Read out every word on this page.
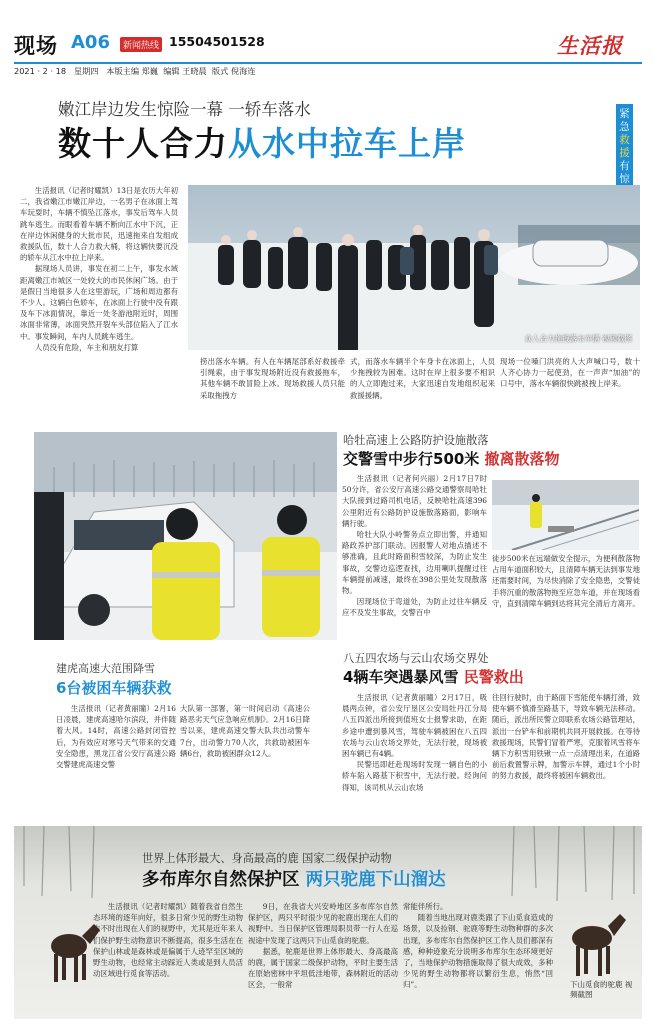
现场 A06	新闻热线 15504501528	生活报
2021 · 2 · 18   星期四   本版主编 郑巍  编辑 王晓晨  版式 倪海连
嫩江岸边发生惊险一幕 一轿车落水
数十人合力从水中拉车上岸
紧急
救援
有惊
生活报讯（记者时耀凯）13日是农历大年初二，我省嫩江市嫩江岸边，一名男子在冰面上驾车玩耍时，车辆不慎坠江落水，事发后驾车人员跳车逃生。而眼看着车辆不断向江水中下沉，正在岸边休闲健身的大批市民，迅速拖来自发组成救援队伍，数十人合力救大桶，将这辆快要沉没的轿车从江水中拉上岸来。
据现场人员讲，事发在初二上午，事发水域距离嫩江市城区一处较大的市民休闲广场。由于是假日当地很多人在这里游玩，广场和周边都有不少人。这辆白色轿车，在冰面上行驶中没有跟及车下冰面情况，靠近一处冬游池附近时，周围冰面非常薄，冰面突然开裂车头部位陷入了江水中。事发瞬间，车内人员跳车逃生。
人员没有危险，车主和朋友打算
众人合力拖拽落水车辆 视频截图
捞出落水车辆。有人在车辆尾部系好救援牵引绳索，由于事发现场附近没有救援拖车，其他车辆不敢冒险上冰。现场救援人员只能采取拖拽方
式，而落水车辆半个车身卡在冰面上，人员少拖拽较为困难。这时在岸上很多要不相识的人立即跑过来，大家迅速自发地组织起来救援援辆。
现场一位嗓门洪亮的人大声喊口号，数十人齐心协力一起使劲，在一声声“加油”的口号中，落水车辆很快跳被拽上岸来。
哈牡高速上公路防护设施散落
交警雪中步行500米 撤离散落物
生活报讯（记者何兴丽）2月17日7时50分许，省公安厅高速公路交通警察局哈牡大队接到过路司机电话，反映哈牡高速396公里附近有公路防护设施散落路面，影响车辆行驶。
哈牡大队小岭警务点立即出警，并通知路政养护部门联动。因报警人对地点描述不够准确，且此时路面积雪较深，为防止发生事故，交警边巡逻查找，边用喇叭提醒过往车辆提前减速，最终在398公里处发现散落物。
因现场位于弯道处，为防止过往车辆反应不及发生事故，交警百中
徒步500米在远端做安全提示，为便利散落物占用车道面积较大，且清障车辆无法到事发地还需要时间，为尽快消除了安全隐患，交警徒手将沉重的散落物拖至应急车道，并在现场看守，直到清障车辆到达将其完全清后方离开。
建虎高速大范围降雪
6台被困车辆获救
生活报讯（记者黄丽瞳）2月16日凌晨，建虎高速哈尔滨段，并伴随着大风。14时，高速公路封闭管控后，为有效应对寒号天气带来的交通安全隐患，黑龙江省公安厅高速公路交警建虎高速交警
大队第一部署，第一时间启动《高速公路恶劣天气应急响应机制》。2月16日降雪以来，建虎高速交警大队共出动警车7台，出动警力70人次，共救助被困车辆6台，救助被困群众12人。
八五四农场与云山农场交界处
4辆车突遇暴风雪 民警救出
生活报讯（记者黄丽瞳）2月17日，吸晨两点钟，省公安厅垦区公安局牡丹江分局八五四派出所接到值班女士报警求助，在距乡途中遭到暴风雪，驾驶车辆被困在八五四农场与云山农场交界处，无法行驶，现场被困车辆已有4辆。
民警迅即赶赴现场时发现一辆自色的小轿车陷入路基下积雪中，无法行驶。经询问得知，该司机从云山农场
往回行驶时，由于路面下雪能使车辆打滑，致使车辆不慎滑至路基下，导致车辆无法移动。随后，派出所民警立即联系农场公路管理站，派出一台铲车和前期机共同开展救援。在等待救援现场，民警们冒着严寒，克服着风雪将车辆下方积雪用铁锹一点一点清理出来，在道路前后救置警示牌，加警示车牌，通过1个小时的努力救援，最终将被困车辆救出。
世界上体形最大、身高最高的鹿 国家二级保护动物
多布库尔自然保护区 两只驼鹿下山溜达
生活报讯（记者时耀凯）随着我省自然生态环境的逐年向好，很多日常少见的野生动物也不时出现在人们的视野中，尤其是近年来人们保护野生动物意识不断提高，很多生活在在保护山林或是森林或是偏属于人迹罕至区域的野生动物，也经常主动踩近人类或是到人员活动区域进行觅食等活动。
9日，在我省大兴安岭地区多布库尔自然保护区，两只平时很少见的驼鹿出现在人们的视野中。当日保护区管理局职员带一行人在巡视途中发现了这两只下山觅食的驼鹿。
据悉，驼鹿是世界上体形最大、身高最高的鹿，属于国家二级保护动物，平时主要生活在原始密林中平坦低洼地带，森林附近的活动区会，一般常
常能伴所行。
随着当地出现对鹿类跟了下山觅食造成的场景，以及捡钢、驼鹿等野生动物种群的多次出现，多布库尔自然保护区工作人员们都深有感，种种迹象充分说明多布库尔生态环境更好了，当地保护动物措施取得了很大成效，多种少见的野生动物都将以繁衍生息，悄然“回归”。	下山觅食的驼鹿 视频截图
